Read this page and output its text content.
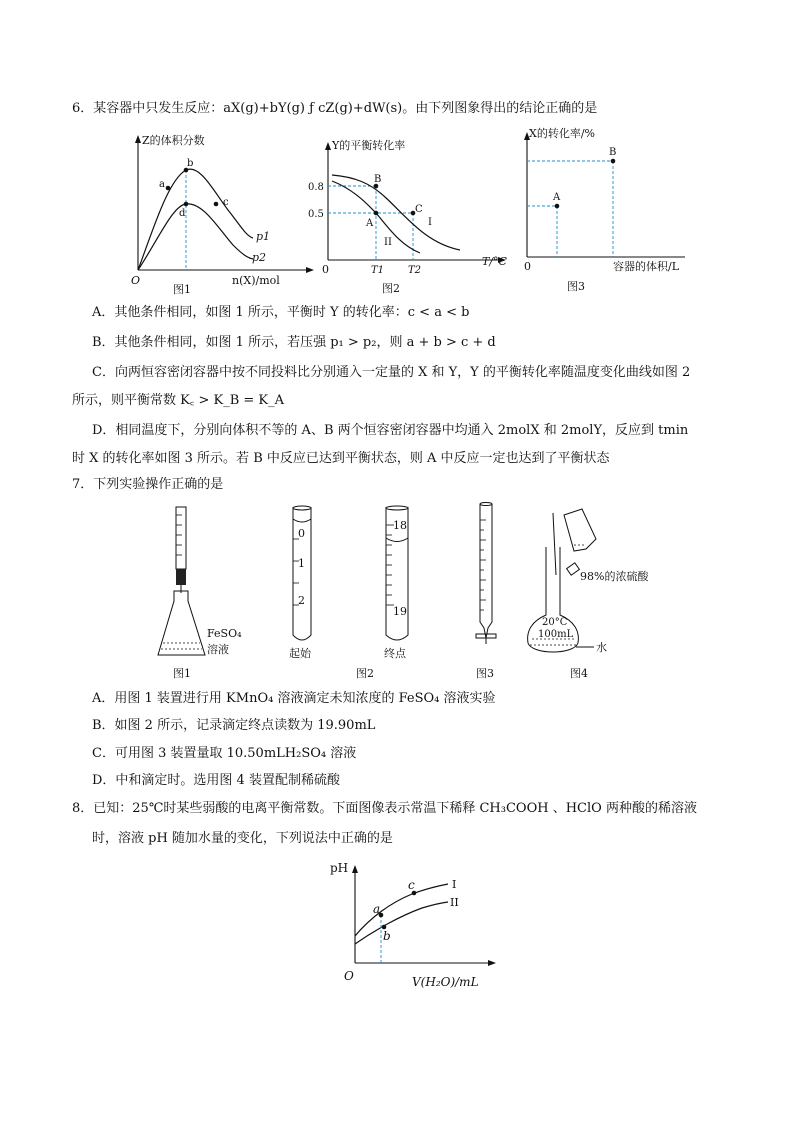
6．某容器中只发生反应：aX(g)+bY(g) ƒ cZ(g)+dW(s)。由下列图象得出的结论正确的是
Z的体积分数
O	n(X)/mol
a
b
c
d
p1
p2
图1
Y的平衡转化率
0
T/°C
0.8
0.5
A
B
C
I
II
T1 T2
图2
X的转化率/%
0	容器的体积/L
A
B
图3
A．其他条件相同，如图 1 所示，平衡时 Y 的转化率：c < a < b
B．其他条件相同，如图 1 所示，若压强 p₁ > p₂，则 a + b > c + d
C．向两恒容密闭容器中按不同投料比分别通入一定量的 X 和 Y，Y 的平衡转化率随温度变化曲线如图 2
所示，则平衡常数 K꜀ > K_B = K_A
D．相同温度下，分别向体积不等的 A、B 两个恒容密闭容器中均通入 2molX 和 2molY，反应到 tmin
时 X 的转化率如图 3 所示。若 B 中反应已达到平衡状态，则 A 中反应一定也达到了平衡状态
7．下列实验操作正确的是
FeSO₄
溶液
图1
0
1
2
起始
18
19
终点
图2	图3
98%的浓硫酸
20°C
100mL
水
图4
A．用图 1 装置进行用 KMnO₄ 溶液滴定未知浓度的 FeSO₄ 溶液实验
B．如图 2 所示，记录滴定终点读数为 19.90mL
C．可用图 3 装置量取 10.50mLH₂SO₄ 溶液
D．中和滴定时。选用图 4 装置配制稀硫酸
8．已知：25℃时某些弱酸的电离平衡常数。下面图像表示常温下稀释 CH₃COOH 、HClO 两种酸的稀溶液
时，溶液 pH 随加水量的变化，下列说法中正确的是
pH
O	V(H₂O)/mL
a
b
c	I
II
